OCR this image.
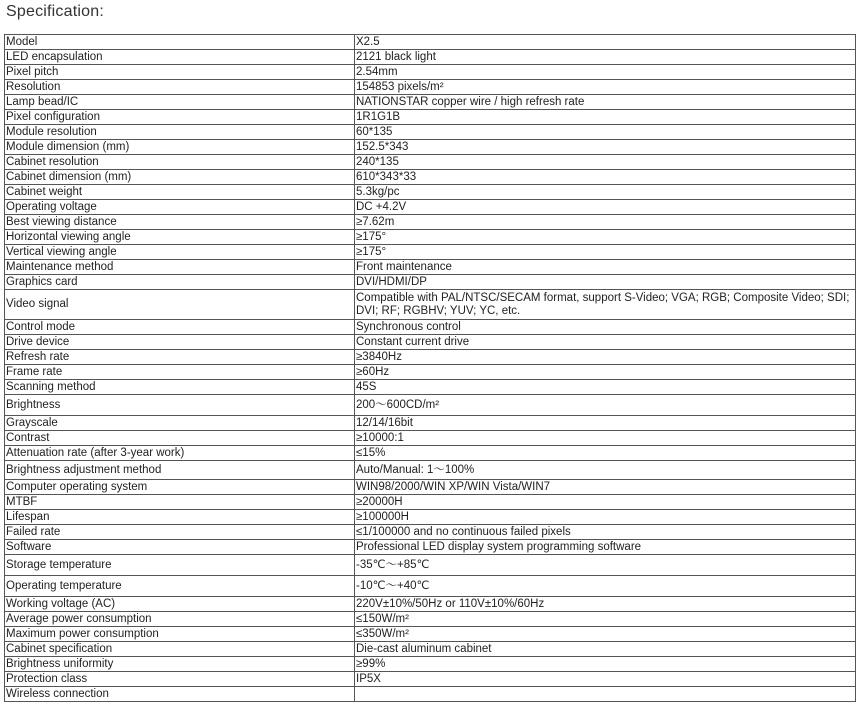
Specification:
Model	X2.5
LED encapsulation	2121 black light
Pixel pitch	2.54mm
Resolution	154853 pixels/m²
Lamp bead/IC	NATIONSTAR copper wire / high refresh rate
Pixel configuration	1R1G1B
Module resolution	60*135
Module dimension (mm)	152.5*343
Cabinet resolution	240*135
Cabinet dimension (mm)	610*343*33
Cabinet weight	5.3kg/pc
Operating voltage	DC +4.2V
Best viewing distance	≥7.62m
Horizontal viewing angle	≥175°
Vertical viewing angle	≥175°
Maintenance method	Front maintenance
Graphics card	DVI/HDMI/DP
Video signal	Compatible with PAL/NTSC/SECAM format, support S-Video; VGA; RGB; Composite Video; SDI; DVI; RF; RGBHV; YUV; YC, etc.
Control mode	Synchronous control
Drive device	Constant current drive
Refresh rate	≥3840Hz
Frame rate	≥60Hz
Scanning method	45S
Brightness	200～600CD/m²
Grayscale	12/14/16bit
Contrast	≥10000:1
Attenuation rate (after 3-year work)	≤15%
Brightness adjustment method	Auto/Manual: 1～100%
Computer operating system	WIN98/2000/WIN XP/WIN Vista/WIN7
MTBF	≥20000H
Lifespan	≥100000H
Failed rate	≤1/100000 and no continuous failed pixels
Software	Professional LED display system programming software
Storage temperature	-35℃～+85℃
Operating temperature	-10℃～+40℃
Working voltage (AC)	220V±10%/50Hz or 110V±10%/60Hz
Average power consumption	≤150W/m²
Maximum power consumption	≤350W/m²
Cabinet specification	Die-cast aluminum cabinet
Brightness uniformity	≥99%
Protection class	IP5X
Wireless connection	
